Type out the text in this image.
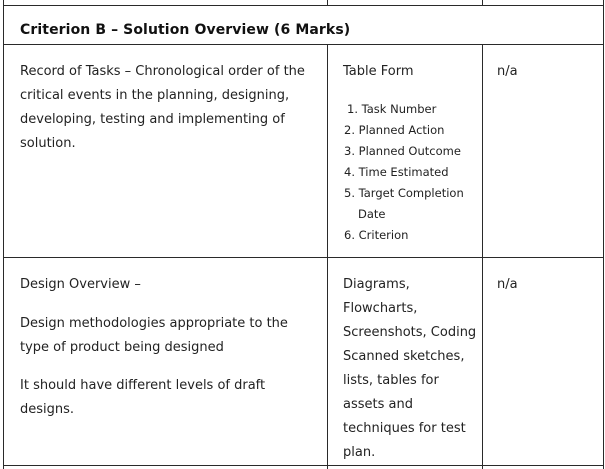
Criterion B – Solution Overview (6 Marks)
Record of Tasks – Chronological order of the
critical events in the planning, designing,
developing, testing and implementing of
solution.
Table Form
1. Task Number
2. Planned Action
3. Planned Outcome
4. Time Estimated
5. Target Completion
Date
6. Criterion
n/a
Design Overview –
Design methodologies appropriate to the
type of product being designed
It should have different levels of draft
designs.
Diagrams,
Flowcharts,
Screenshots, Coding
Scanned sketches,
lists, tables for
assets and
techniques for test
plan.
n/a
